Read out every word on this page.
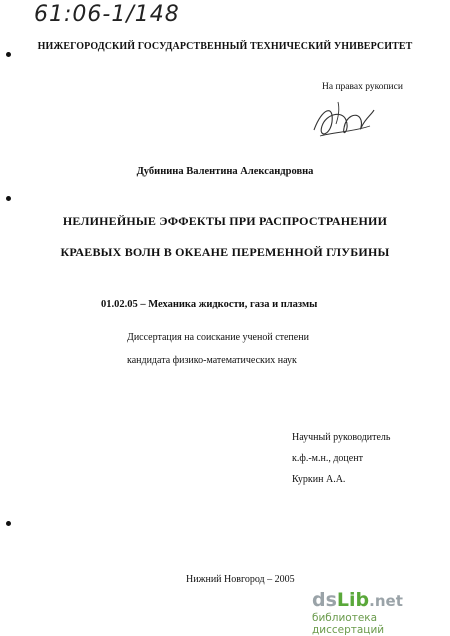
61:06-1/148
НИЖЕГОРОДСКИЙ ГОСУДАРСТВЕННЫЙ ТЕХНИЧЕСКИЙ УНИВЕРСИТЕТ
На правах рукописи
Дубинина Валентина Александровна
НЕЛИНЕЙНЫЕ ЭФФЕКТЫ ПРИ РАСПРОСТРАНЕНИИ
КРАЕВЫХ ВОЛН В ОКЕАНЕ ПЕРЕМЕННОЙ ГЛУБИНЫ
01.02.05 – Механика жидкости, газа и плазмы
Диссертация на соискание ученой степени
кандидата физико-математических наук
Научный руководитель
к.ф.-м.н., доцент
Куркин А.А.
Нижний Новгород – 2005
dsLib.net
библиотека диссертаций
